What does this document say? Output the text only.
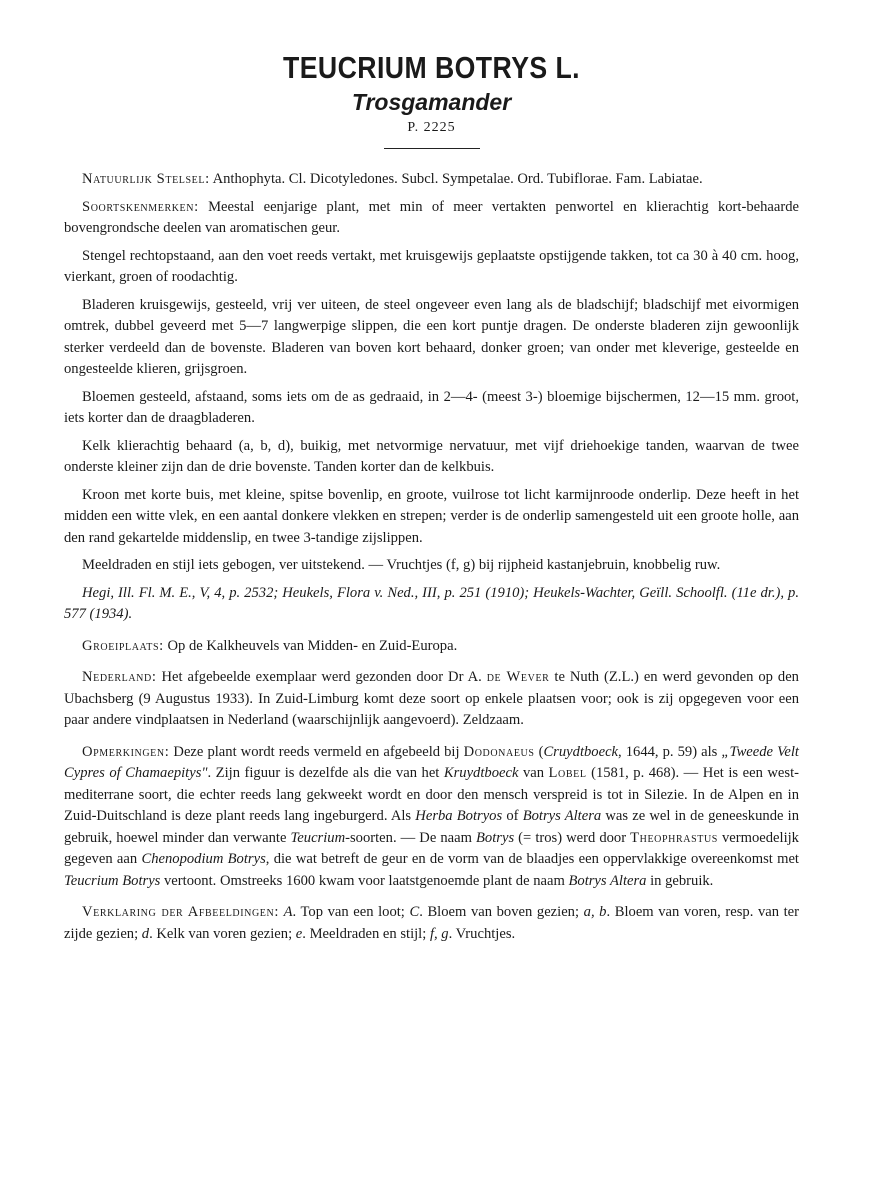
TEUCRIUM BOTRYS L.
Trosgamander
P. 2225

Natuurlijk Stelsel: Anthophyta. Cl. Dicotyledones. Subcl. Sympetalae. Ord. Tubiflorae. Fam. Labiatae.

Soortskenmerken: Meestal eenjarige plant, met min of meer vertakten penwortel en klierachtig kort-behaarde bovengrondsche deelen van aromatischen geur.

Stengel rechtopstaand, aan den voet reeds vertakt, met kruisgewijs geplaatste opstijgende takken, tot ca 30 à 40 cm. hoog, vierkant, groen of roodachtig.

Bladeren kruisgewijs, gesteeld, vrij ver uiteen, de steel ongeveer even lang als de bladschijf; bladschijf met eivormigen omtrek, dubbel geveerd met 5—7 langwerpige slippen, die een kort puntje dragen. De onderste bladeren zijn gewoonlijk sterker verdeeld dan de bovenste. Bladeren van boven kort behaard, donker groen; van onder met kleverige, gesteelde en ongesteelde klieren, grijsgroen.

Bloemen gesteeld, afstaand, soms iets om de as gedraaid, in 2—4- (meest 3-) bloemige bijschermen, 12—15 mm. groot, iets korter dan de draagbladeren.

Kelk klierachtig behaard (a, b, d), buikig, met netvormige nervatuur, met vijf driehoekige tanden, waarvan de twee onderste kleiner zijn dan de drie bovenste. Tanden korter dan de kelkbuis.

Kroon met korte buis, met kleine, spitse bovenlip, en groote, vuilrose tot licht karmijnroode onderlip. Deze heeft in het midden een witte vlek, en een aantal donkere vlekken en strepen; verder is de onderlip samengesteld uit een groote holle, aan den rand gekartelde middenslip, en twee 3-tandige zijslippen.

Meeldraden en stijl iets gebogen, ver uitstekend. — Vruchtjes (f, g) bij rijpheid kastanjebruin, knobbelig ruw.

Hegi, Ill. Fl. M. E., V, 4, p. 2532; Heukels, Flora v. Ned., III, p. 251 (1910); Heukels-Wachter, Geïll. Schoolfl. (11e dr.), p. 577 (1934).

Groeiplaats: Op de Kalkheuvels van Midden- en Zuid-Europa.

Nederland: Het afgebeelde exemplaar werd gezonden door Dr A. de Wever te Nuth (Z.L.) en werd gevonden op den Ubachsberg (9 Augustus 1933). In Zuid-Limburg komt deze soort op enkele plaatsen voor; ook is zij opgegeven voor een paar andere vindplaatsen in Nederland (waarschijnlijk aangevoerd). Zeldzaam.

Opmerkingen: Deze plant wordt reeds vermeld en afgebeeld bij Dodonaeus (Cruydtboeck, 1644, p. 59) als „Tweede Velt Cypres of Chamaepitys". Zijn figuur is dezelfde als die van het Kruydtboeck van Lobel (1581, p. 468). — Het is een west-mediterrane soort, die echter reeds lang gekweekt wordt en door den mensch verspreid is tot in Silezie. In de Alpen en in Zuid-Duitschland is deze plant reeds lang ingeburgerd. Als Herba Botryos of Botrys Altera was ze wel in de geneeskunde in gebruik, hoewel minder dan verwante Teucrium-soorten. — De naam Botrys (= tros) werd door Theophrastus vermoedelijk gegeven aan Chenopodium Botrys, die wat betreft de geur en de vorm van de blaadjes een oppervlakkige overeenkomst met Teucrium Botrys vertoont. Omstreeks 1600 kwam voor laatstgenoemde plant de naam Botrys Altera in gebruik.

Verklaring der Afbeeldingen: A. Top van een loot; C. Bloem van boven gezien; a, b. Bloem van voren, resp. van ter zijde gezien; d. Kelk van voren gezien; e. Meeldraden en stijl; f, g. Vruchtjes.
